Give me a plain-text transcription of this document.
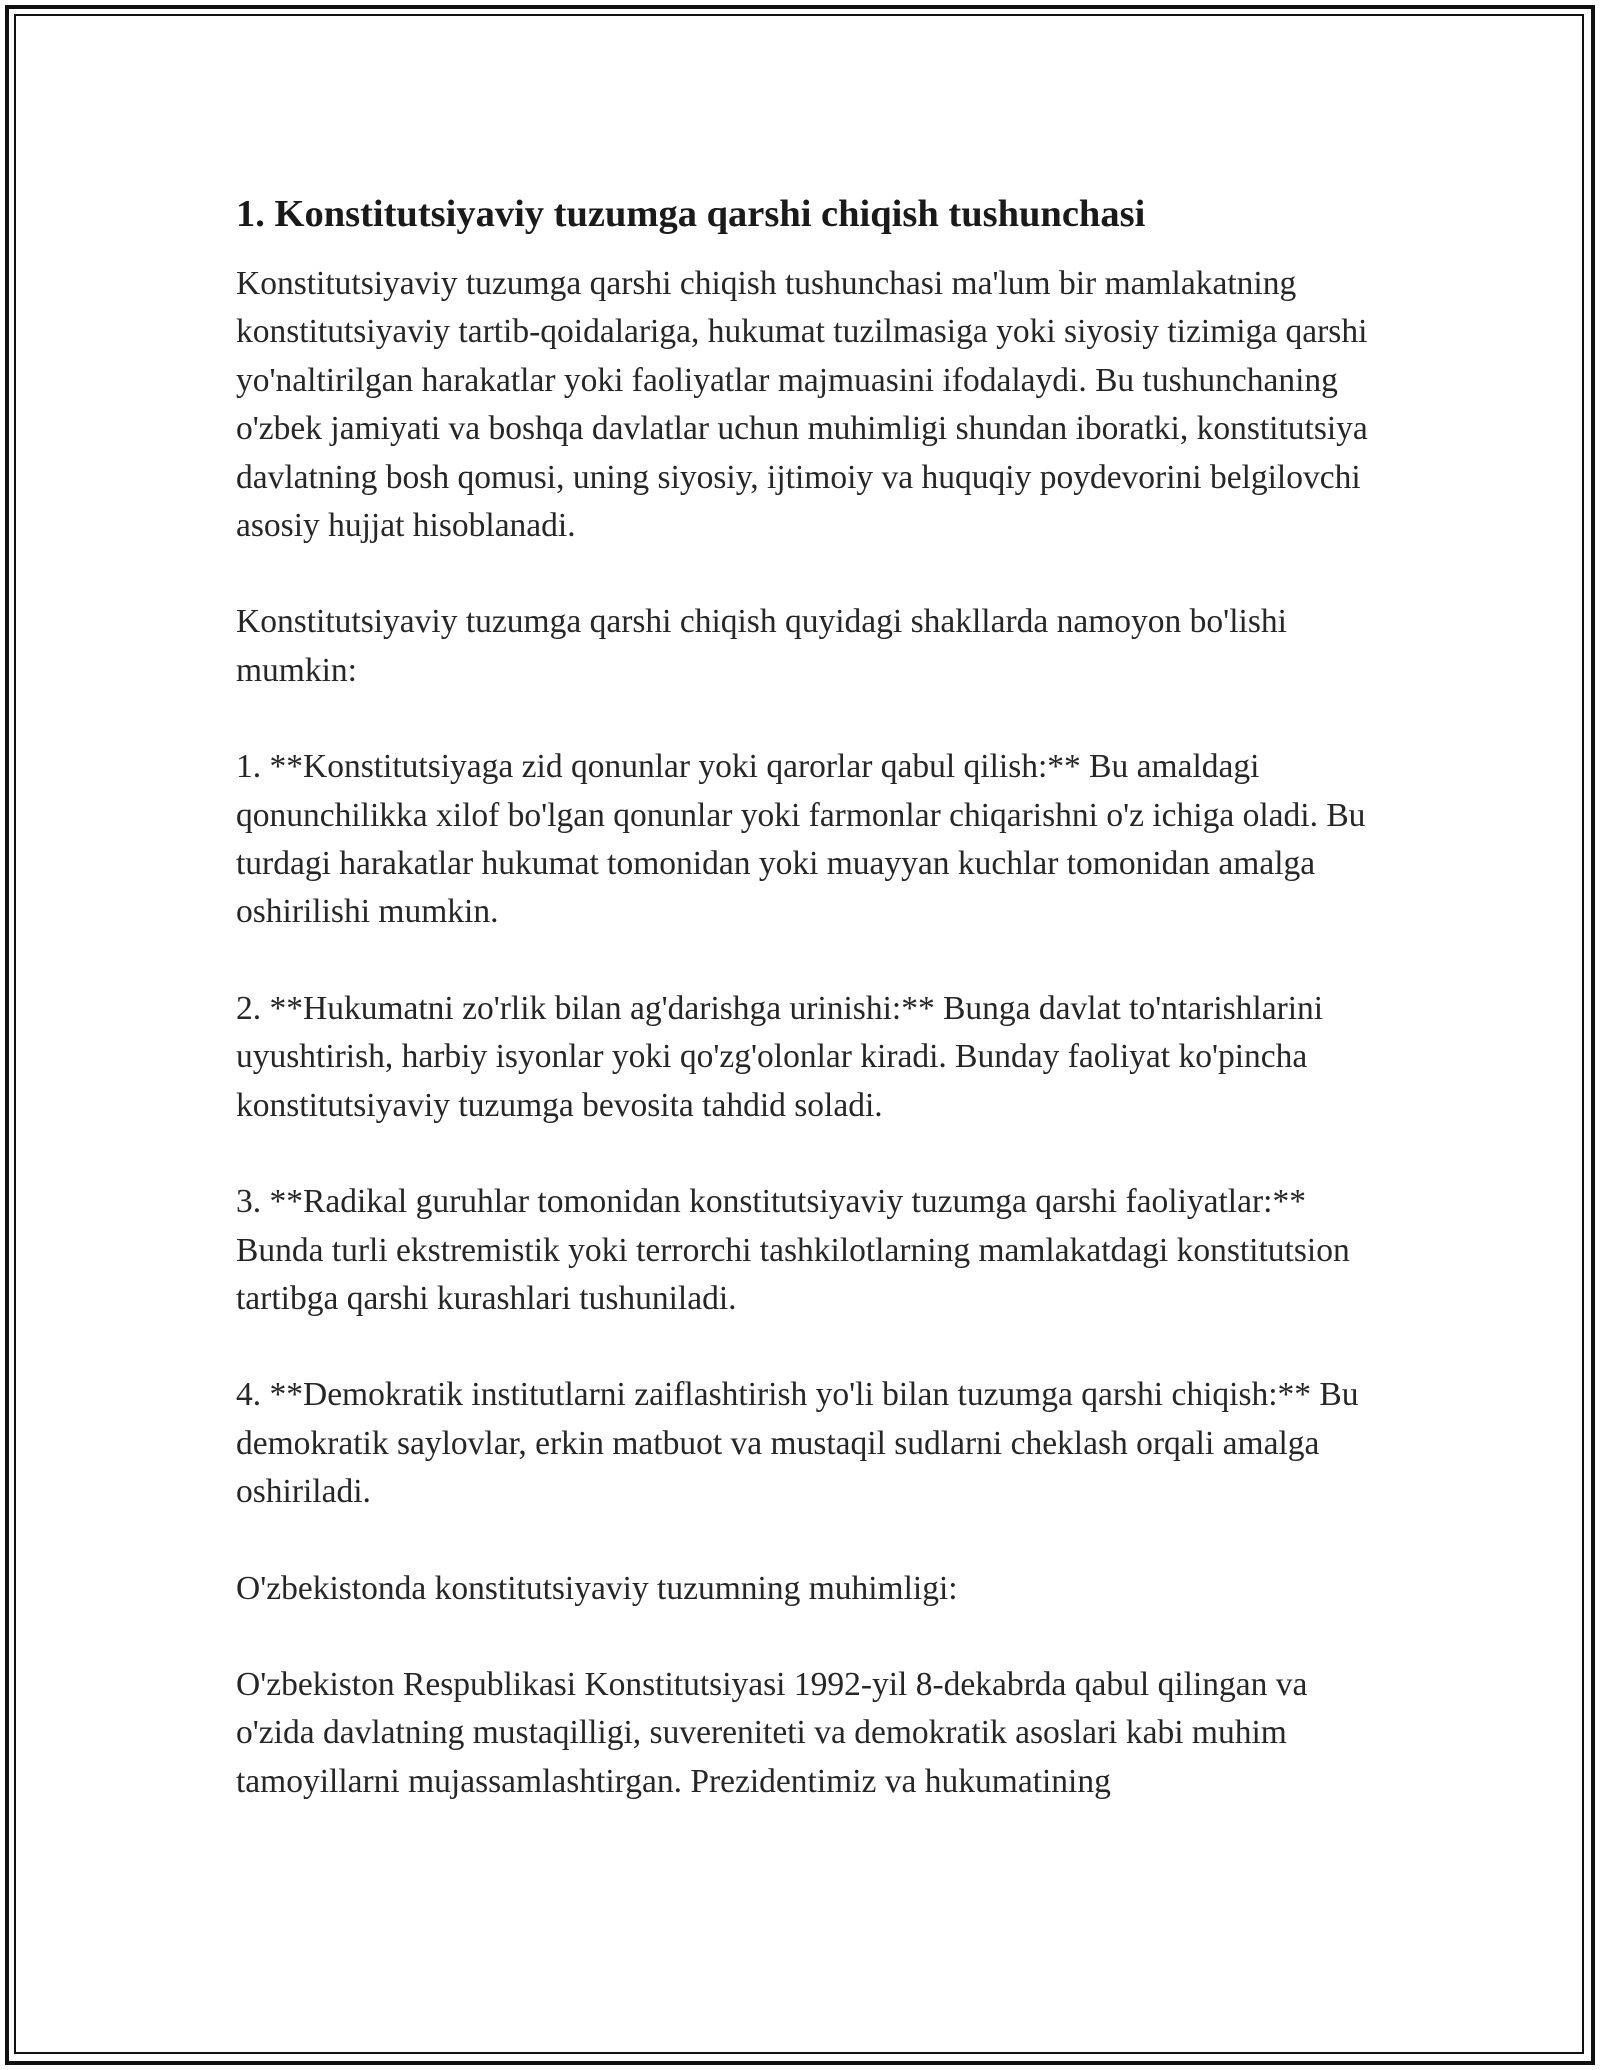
1. Konstitutsiyaviy tuzumga qarshi chiqish tushunchasi

Konstitutsiyaviy tuzumga qarshi chiqish tushunchasi ma'lum bir mamlakatning konstitutsiyaviy tartib-qoidalariga, hukumat tuzilmasiga yoki siyosiy tizimiga qarshi yo'naltirilgan harakatlar yoki faoliyatlar majmuasini ifodalaydi. Bu tushunchaning o'zbek jamiyati va boshqa davlatlar uchun muhimligi shundan iboratki, konstitutsiya davlatning bosh qomusi, uning siyosiy, ijtimoiy va huquqiy poydevorini belgilovchi asosiy hujjat hisoblanadi.

Konstitutsiyaviy tuzumga qarshi chiqish quyidagi shakllarda namoyon bo'lishi mumkin:

1. **Konstitutsiyaga zid qonunlar yoki qarorlar qabul qilish:** Bu amaldagi qonunchilikka xilof bo'lgan qonunlar yoki farmonlar chiqarishni o'z ichiga oladi. Bu turdagi harakatlar hukumat tomonidan yoki muayyan kuchlar tomonidan amalga oshirilishi mumkin.

2. **Hukumatni zo'rlik bilan ag'darishga urinishi:** Bunga davlat to'ntarishlarini uyushtirish, harbiy isyonlar yoki qo'zg'olonlar kiradi. Bunday faoliyat ko'pincha konstitutsiyaviy tuzumga bevosita tahdid soladi.

3. **Radikal guruhlar tomonidan konstitutsiyaviy tuzumga qarshi faoliyatlar:** Bunda turli ekstremistik yoki terrorchi tashkilotlarning mamlakatdagi konstitutsion tartibga qarshi kurashlari tushuniladi.

4. **Demokratik institutlarni zaiflashtirish yo'li bilan tuzumga qarshi chiqish:** Bu demokratik saylovlar, erkin matbuot va mustaqil sudlarni cheklash orqali amalga oshiriladi.

O'zbekistonda konstitutsiyaviy tuzumning muhimligi:

O'zbekiston Respublikasi Konstitutsiyasi 1992-yil 8-dekabrda qabul qilingan va o'zida davlatning mustaqilligi, suvereniteti va demokratik asoslari kabi muhim tamoyillarni mujassamlashtirgan. Prezidentimiz va hukumatining
